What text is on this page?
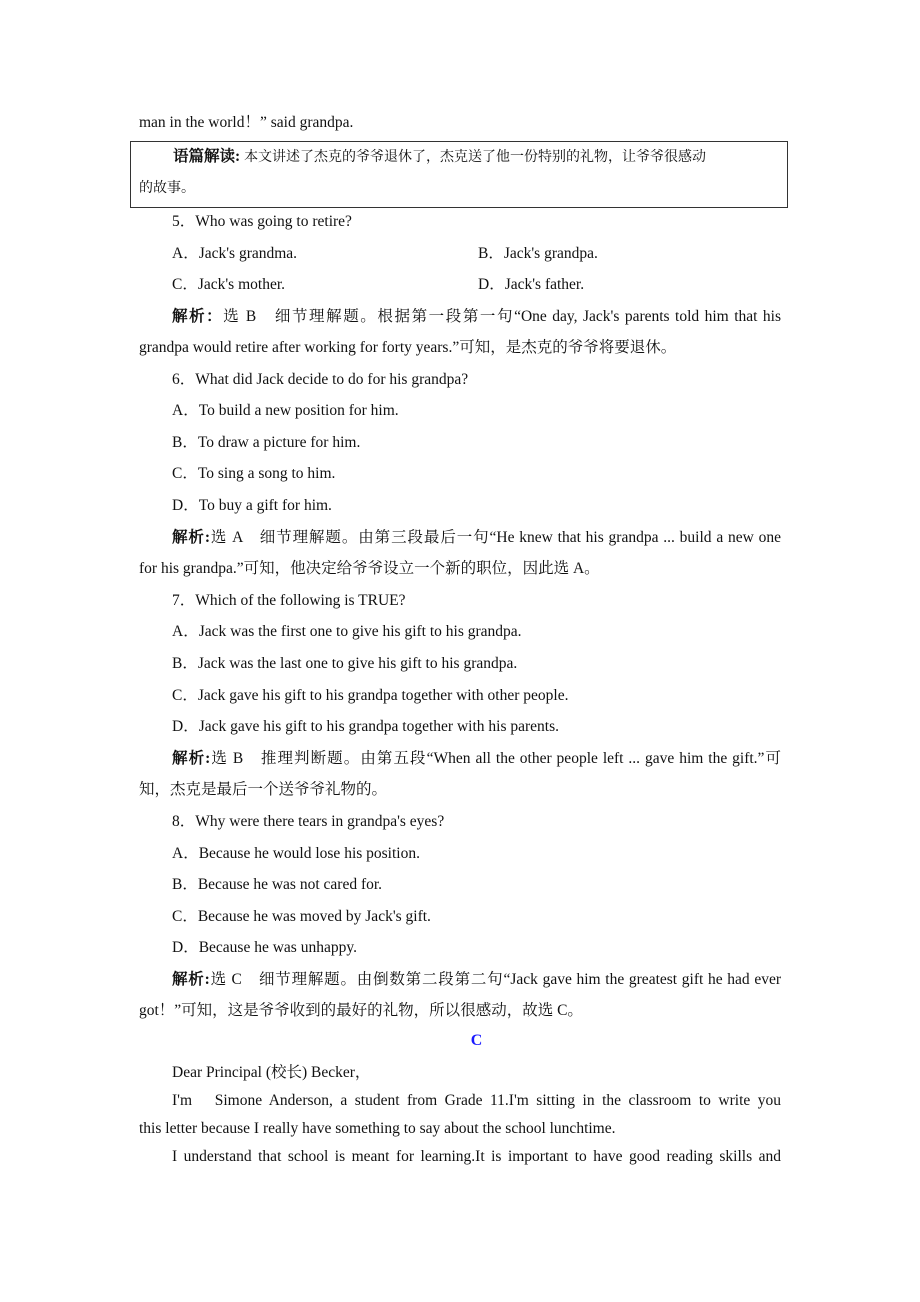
man in the world！” said grandpa.
语篇解读: 本文讲述了杰克的爷爷退休了，杰克送了他一份特别的礼物，让爷爷很感动
的故事。
5．Who was going to retire?
A．Jack's grandma.	B．Jack's grandpa.
C．Jack's mother.	D．Jack's father.
解析：选 B　细节理解题。根据第一段第一句“One day, Jack's parents told him that his
grandpa would retire after working for forty years.”可知，是杰克的爷爷将要退休。
6．What did Jack decide to do for his grandpa?
A．To build a new position for him.
B．To draw a picture for him.
C．To sing a song to him.
D．To buy a gift for him.
解析:选 A　细节理解题。由第三段最后一句“He knew that his grandpa ... build a new one
for his grandpa.”可知，他决定给爷爷设立一个新的职位，因此选 A。
7．Which of the following is TRUE?
A．Jack was the first one to give his gift to his grandpa.
B．Jack was the last one to give his gift to his grandpa.
C．Jack gave his gift to his grandpa together with other people.
D．Jack gave his gift to his grandpa together with his parents.
解析:选 B　推理判断题。由第五段“When all the other people left ... gave him the gift.”可
知，杰克是最后一个送爷爷礼物的。
8．Why were there tears in grandpa's eyes?
A．Because he would lose his position.
B．Because he was not cared for.
C．Because he was moved by Jack's gift.
D．Because he was unhappy.
解析:选 C　细节理解题。由倒数第二段第二句“Jack gave him the greatest gift he had ever
got！”可知，这是爷爷收到的最好的礼物，所以很感动，故选 C。
C
Dear Principal (校长) Becker，
I'm　Simone Anderson, a student from Grade 11.I'm sitting in the classroom to write you
this letter because I really have something to say about the school lunchtime.
I understand that school is meant for learning.It is important to have good reading skills and
